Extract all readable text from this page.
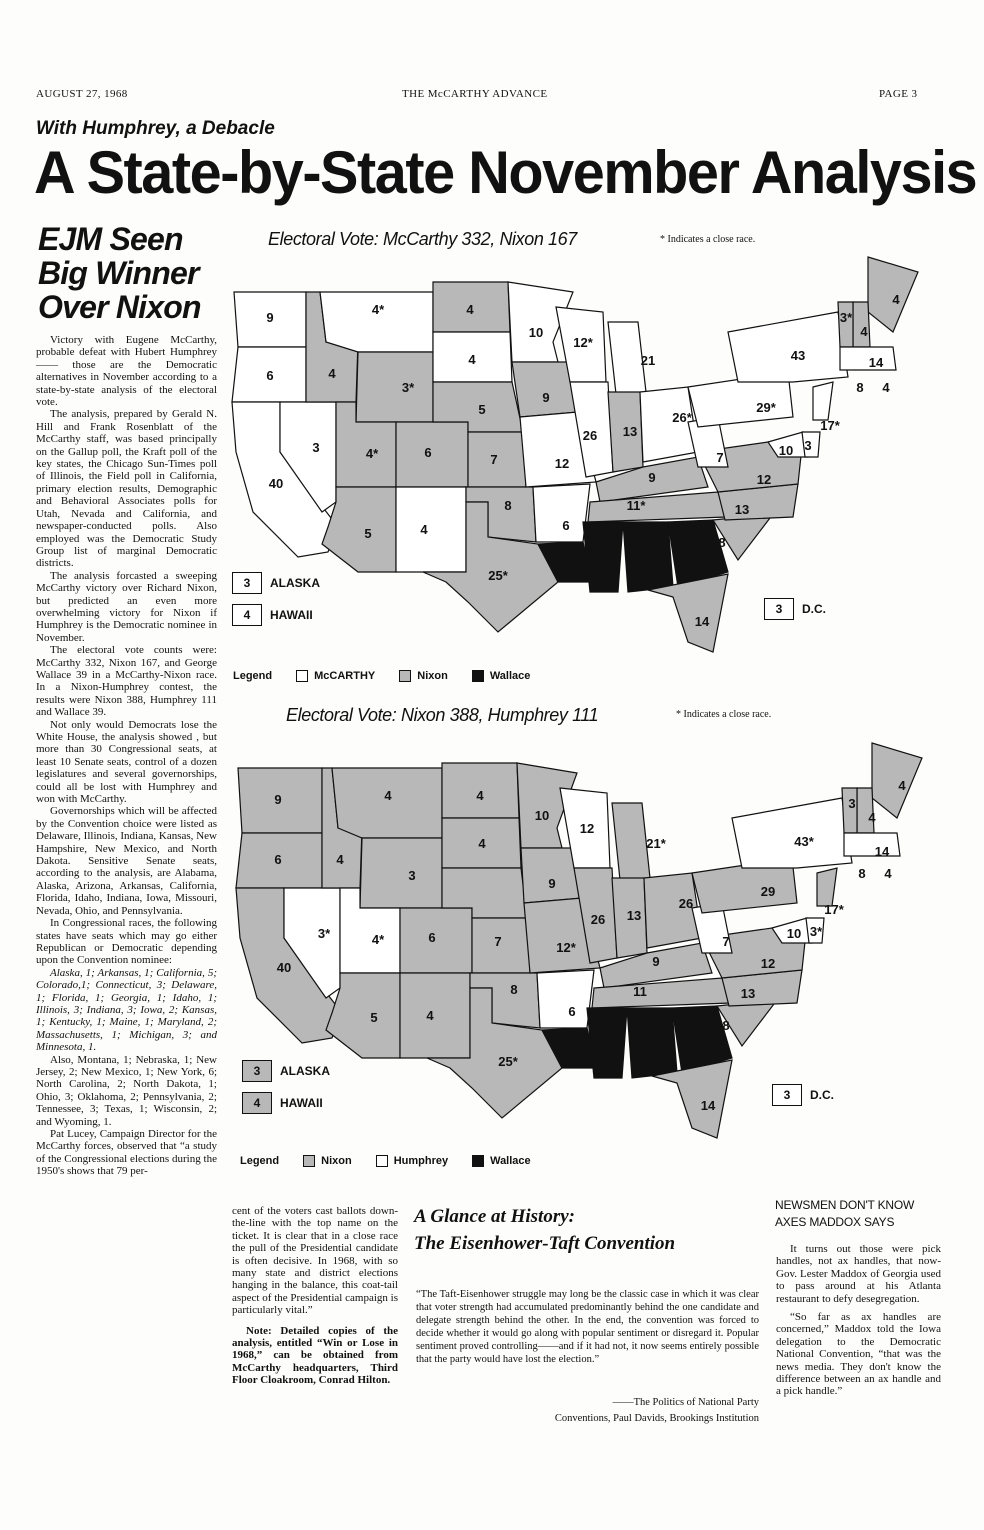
AUGUST 27, 1968	THE McCARTHY ADVANCE	PAGE 3
With Humphrey, a Debacle
A State-by-State November Analysis
EJM Seen
Big Winner
Over Nixon

Victory with Eugene McCarthy, probable defeat with Hubert Humphrey—— those are the Democratic alternatives in November according to a state-by-state analysis of the electoral vote.

The analysis, prepared by Gerald N. Hill and Frank Rosenblatt of the McCarthy staff, was based principally on the Gallup poll, the Kraft poll of the key states, the Chicago Sun-Times poll of Illinois, the Field poll in California, primary election results, Demographic and Behavioral Associates polls for Utah, Nevada and California, and newspaper-conducted polls. Also employed was the Democratic Study Group list of marginal Democratic districts.

The analysis forcasted a sweeping McCarthy victory over Richard Nixon, but predicted an even more overwhelming victory for Nixon if Humphrey is the Democratic nominee in November.

The electoral vote counts were: McCarthy 332, Nixon 167, and George Wallace 39 in a McCarthy-Nixon race. In a Nixon-Humphrey contest, the results were Nixon 388, Humphrey 111 and Wallace 39.

Not only would Democrats lose the White House, the analysis showed , but more than 30 Congressional seats, at least 10 Senate seats, control of a dozen legislatures and several governorships, could all be lost with Humphrey and won with McCarthy.

Governorships which will be affected by the Convention choice were listed as Delaware, Illinois, Indiana, Kansas, New Hampshire, New Mexico, and North Dakota. Sensitive Senate seats, according to the analysis, are Alabama, Alaska, Arizona, Arkansas, California, Florida, Idaho, Indiana, Iowa, Missouri, Nevada, Ohio, and Pennsylvania.

In Congressional races, the following states have seats which may go either Republican or Democratic depending upon the Convention nominee:

Alaska, 1; Arkansas, 1; California, 5; Colorado,1; Connecticut, 3; Delaware, 1; Florida, 1; Georgia, 1; Idaho, 1; Illinois, 3; Indiana, 3; Iowa, 2; Kansas, 1; Kentucky, 1; Maine, 1; Maryland, 2; Massachusetts, 1; Michigan, 3; and Minnesota, 1.

Also, Montana, 1; Nebraska, 1; New Jersey, 2; New Mexico, 1; New York, 6; North Carolina, 2; North Dakota, 1; Ohio, 3; Oklahoma, 2; Pennsylvania, 2; Tennessee, 3; Texas, 1; Wisconsin, 2; and Wyoming, 1.

Pat Lucey, Campaign Director for the McCarthy forces, observed that “a study of the Congressional elections during the 1950's shows that 79 per-

cent of the voters cast ballots down-the-line with the top name on the ticket. It is clear that in a close race the pull of the Presidential candidate is often decisive. In 1968, with so many state and district elections hanging in the balance, this coat-tail aspect of the Presidential campaign is particularly vital.”

Note: Detailed copies of the analysis, entitled “Win or Lose in 1968,” can be obtained from McCarthy headquarters, Third Floor Cloakroom, Conrad Hilton.

Electoral Vote: McCarthy 332, Nixon 167	* Indicates a close race.
9
4*	4
10
12*
21	43	14
8 4
6	4
3*
4
9
5
26 13
26*
29*
17*
10 3
7
3	4*	6	7	12
9	12
11*	13
40
8
6
8
5	4
25*
14
3*
4
4
3	ALASKA
4	HAWAII	3	D.C.
Legend	McCARTHY	Nixon	Wallace
Electoral Vote: Nixon 388, Humphrey 111	* Indicates a close race.
9	4	4
10
12
21*	43*
14
8 4
6	4
3
4
9
26 13
26
29
17*
10 3*
7
3*	4*	6	7	12*
9	12
11	13
40
8
6
8
5	4
25*
14
3
4
4
3	ALASKA
4	HAWAII
3	D.C.
Legend	Nixon	Humphrey	Wallace
A Glance at History:
The Eisenhower-Taft Convention
“The Taft-Eisenhower struggle may long be the classic case in which it was clear that voter strength had accumulated predominantly behind the one candidate and delegate strength behind the other. In the end, the convention was forced to decide whether it would go along with popular sentiment or disregard it. Popular sentiment proved controlling——and if it had not, it now seems entirely possible that the party would have lost the election.”
——The Politics of National Party
Conventions, Paul Davids, Brookings Institution
NEWSMEN DON'T KNOW
AXES MADDOX SAYS

It turns out those were pick handles, not ax handles, that now-Gov. Lester Maddox of Georgia used to pass around at his Atlanta restaurant to defy desegregation.

“So far as ax handles are concerned,” Maddox told the Iowa delegation to the Democratic National Convention, “that was the news media. They don't know the difference between an ax handle and a pick handle.”
